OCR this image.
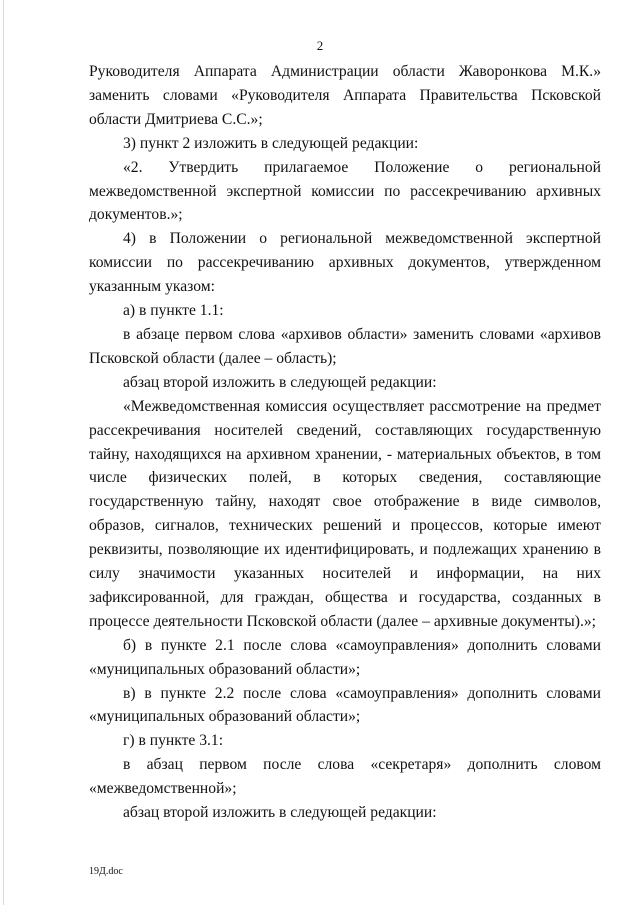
2

Руководителя Аппарата Администрации области Жаворонкова М.К.» заменить словами «Руководителя Аппарата Правительства Псковской области Дмитриева С.С.»;

3) пункт 2 изложить в следующей редакции:

«2. Утвердить прилагаемое Положение о региональной межведомственной экспертной комиссии по рассекречиванию архивных документов.»;

4) в Положении о региональной межведомственной экспертной комиссии по рассекречиванию архивных документов, утвержденном указанным указом:

а) в пункте 1.1:

в абзаце первом слова «архивов области» заменить словами «архивов Псковской области (далее – область);

абзац второй изложить в следующей редакции:

«Межведомственная комиссия осуществляет рассмотрение на предмет рассекречивания носителей сведений, составляющих государственную тайну, находящихся на архивном хранении, - материальных объектов, в том числе физических полей, в которых сведения, составляющие государственную тайну, находят свое отображение в виде символов, образов, сигналов, технических решений и процессов, которые имеют реквизиты, позволяющие их идентифицировать, и подлежащих хранению в силу значимости указанных носителей и информации, на них зафиксированной, для граждан, общества и государства, созданных в процессе деятельности Псковской области (далее – архивные документы).»;

б) в пункте 2.1 после слова «самоуправления» дополнить словами «муниципальных образований области»;

в) в пункте 2.2 после слова «самоуправления» дополнить словами «муниципальных образований области»;

г) в пункте 3.1:

в абзац первом после слова «секретаря» дополнить словом «межведомственной»;

абзац второй изложить в следующей редакции:

19Д.doc
